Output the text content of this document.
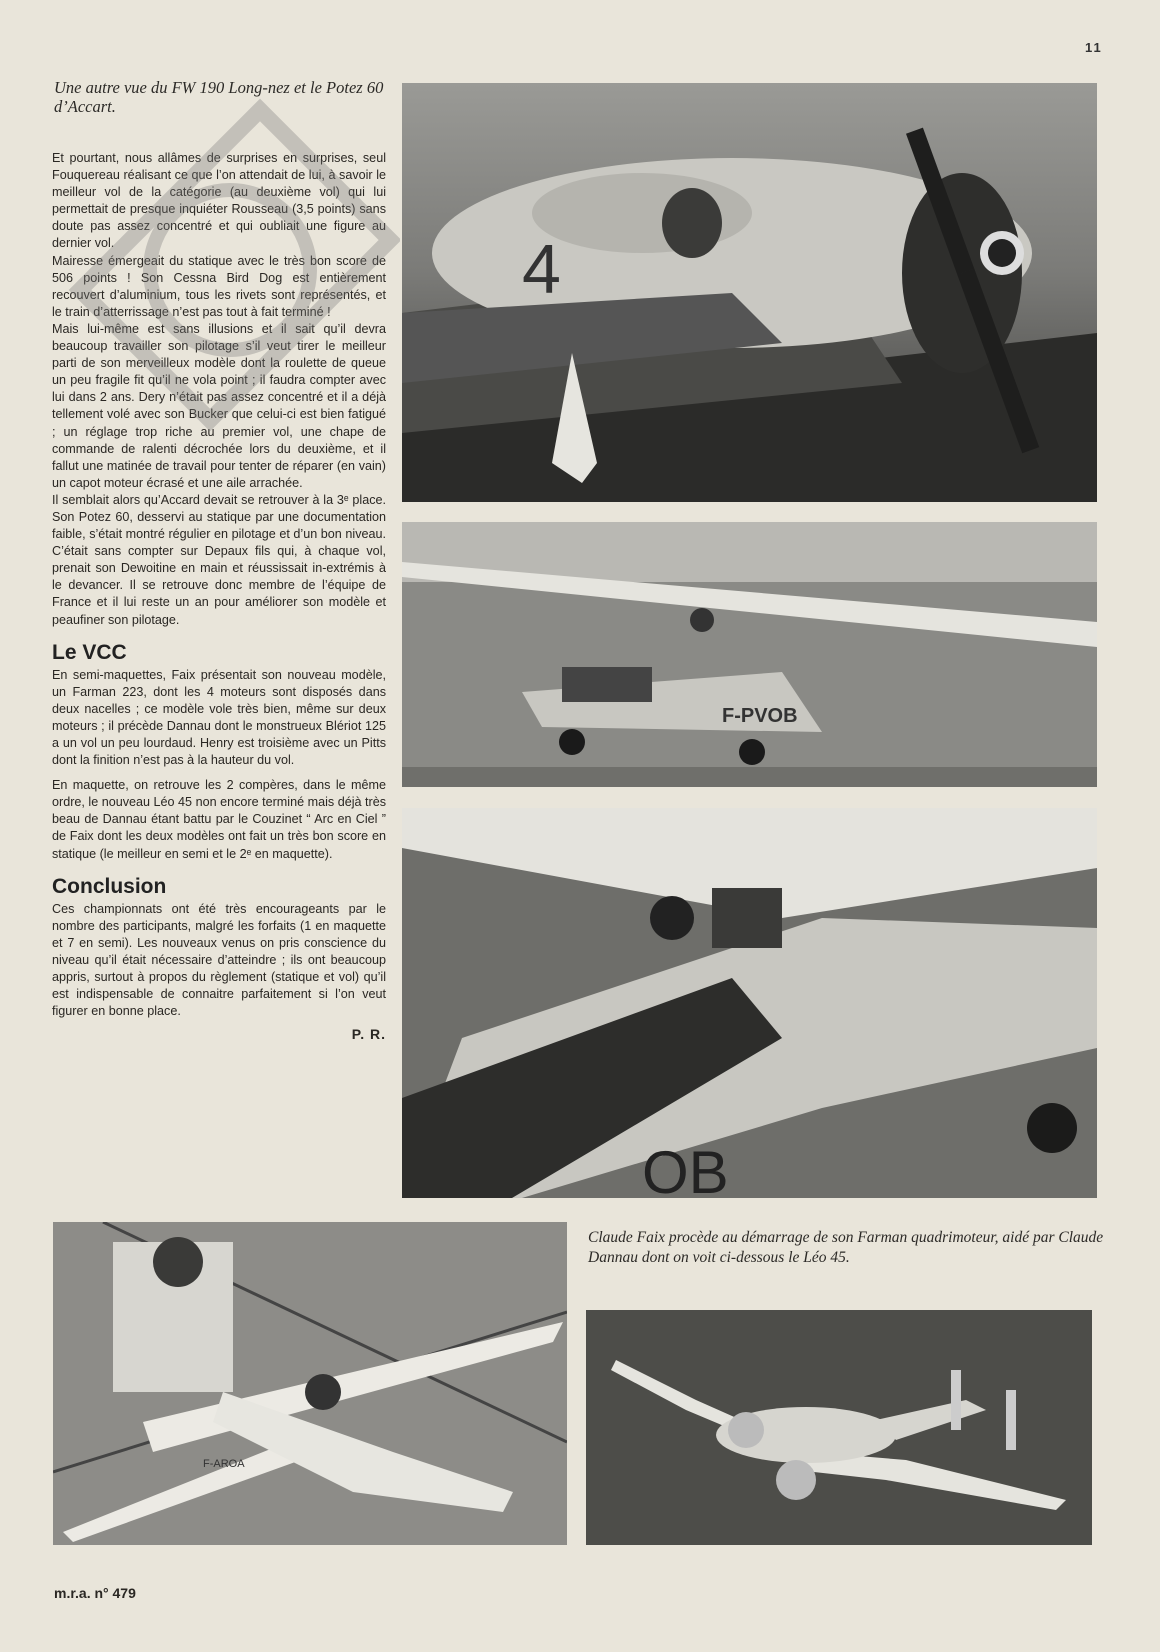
11
Une autre vue du FW 190 Long-nez et le Potez 60 d’Accart.

Et pourtant, nous allâmes de surprises en surprises, seul Fouquereau réalisant ce que l’on attendait de lui, à savoir le meilleur vol de la catégorie (au deuxième vol) qui lui permettait de presque inquiéter Rousseau (3,5 points) sans doute pas assez concentré et qui oubliait une figure au dernier vol.

Mairesse émergeait du statique avec le très bon score de 506 points ! Son Cessna Bird Dog est entièrement recouvert d’aluminium, tous les rivets sont représentés, et le train d’atterrissage n’est pas tout à fait terminé !

Mais lui-même est sans illusions et il sait qu’il devra beaucoup travailler son pilotage s’il veut tirer le meilleur parti de son merveilleux modèle dont la roulette de queue un peu fragile fit qu’il ne vola point ; il faudra compter avec lui dans 2 ans. Dery n’était pas assez concentré et il a déjà tellement volé avec son Bucker que celui-ci est bien fatigué ; un réglage trop riche au premier vol, une chape de commande de ralenti décrochée lors du deuxième, et il fallut une matinée de travail pour tenter de réparer (en vain) un capot moteur écrasé et une aile arrachée.

Il semblait alors qu’Accard devait se retrouver à la 3ᵉ place. Son Potez 60, desservi au statique par une documentation faible, s’était montré régulier en pilotage et d’un bon niveau. C’était sans compter sur Depaux fils qui, à chaque vol, prenait son Dewoitine en main et réussissait in-extrémis à le devancer. Il se retrouve donc membre de l’équipe de France et il lui reste un an pour améliorer son modèle et peaufiner son pilotage.

Le VCC

En semi-maquettes, Faix présentait son nouveau modèle, un Farman 223, dont les 4 moteurs sont disposés dans deux nacelles ; ce modèle vole très bien, même sur deux moteurs ; il précède Dannau dont le monstrueux Blériot 125 a un vol un peu lourdaud. Henry est troisième avec un Pitts dont la finition n’est pas à la hauteur du vol.

En maquette, on retrouve les 2 compères, dans le même ordre, le nouveau Léo 45 non encore terminé mais déjà très beau de Dannau étant battu par le Couzinet “ Arc en Ciel ” de Faix dont les deux modèles ont fait un très bon score en statique (le meilleur en semi et le 2ᵉ en maquette).

Conclusion

Ces championnats ont été très encourageants par le nombre des participants, malgré les forfaits (1 en maquette et 7 en semi). Les nouveaux venus on pris conscience du niveau qu’il était nécessaire d’atteindre ; ils ont beaucoup appris, surtout à propos du règlement (statique et vol) qu’il est indispensable de connaitre parfaitement si l’on veut figurer en bonne place.

P. R.
4
F-PVOB
OB
F-AROA
Claude Faix procède au démarrage de son Farman quadrimoteur, aidé par Claude Dannau dont on voit ci-dessous le Léo 45.
m.r.a. n° 479
